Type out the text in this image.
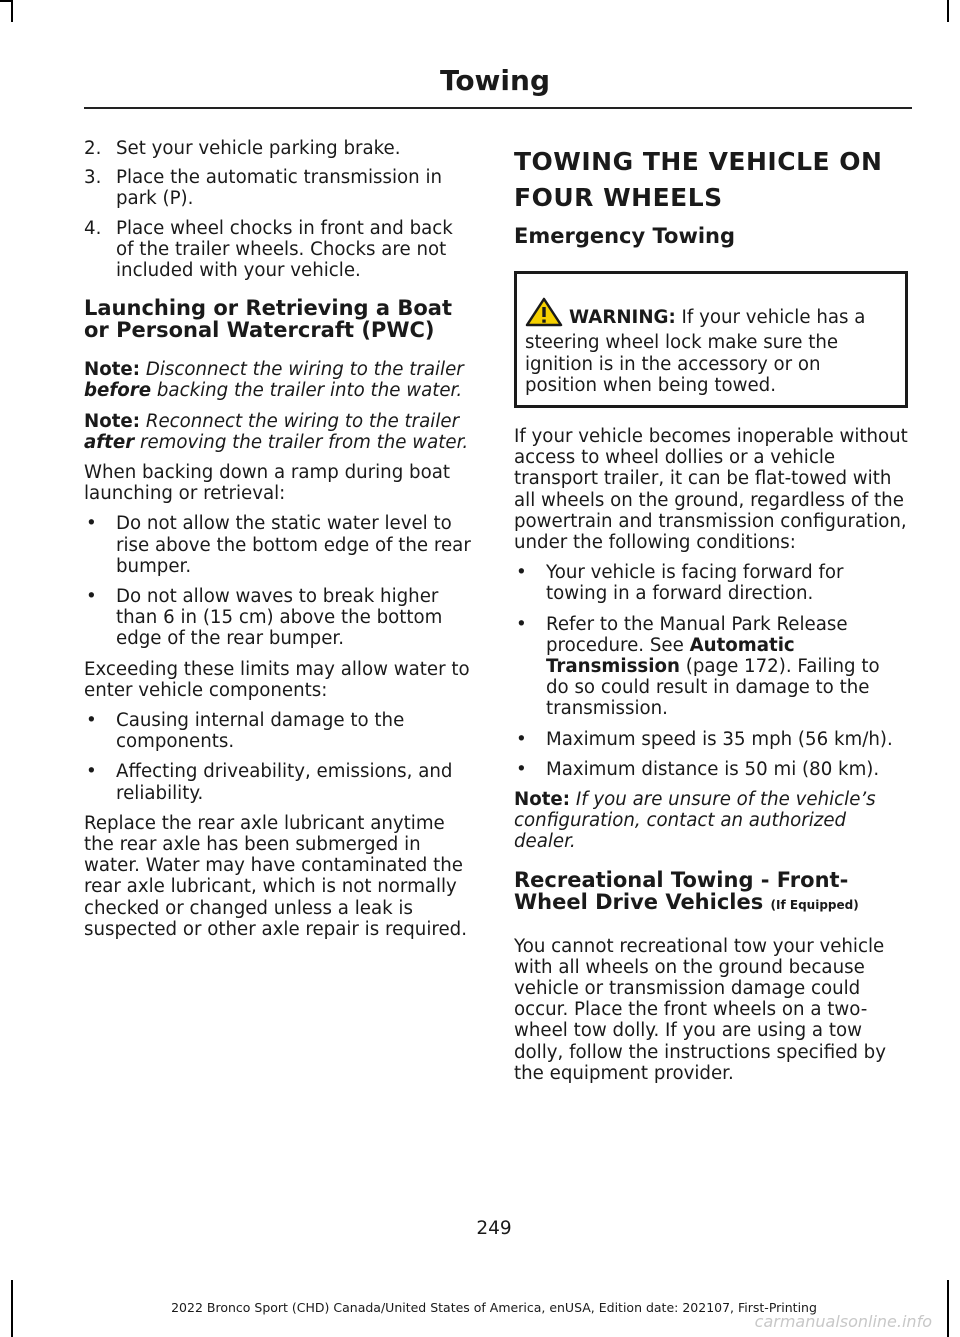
Towing
2. Set your vehicle parking brake.
3. Place the automatic transmission in park (P).
4. Place wheel chocks in front and back of the trailer wheels. Chocks are not included with your vehicle.
Launching or Retrieving a Boat or Personal Watercraft (PWC)

Note: Disconnect the wiring to the trailer before backing the trailer into the water.

Note: Reconnect the wiring to the trailer after removing the trailer from the water.

When backing down a ramp during boat launching or retrieval:

• Do not allow the static water level to rise above the bottom edge of the rear bumper.
• Do not allow waves to break higher than 6 in (15 cm) above the bottom edge of the rear bumper.

Exceeding these limits may allow water to enter vehicle components:

• Causing internal damage to the components.
• Affecting driveability, emissions, and reliability.

Replace the rear axle lubricant anytime the rear axle has been submerged in water. Water may have contaminated the rear axle lubricant, which is not normally checked or changed unless a leak is suspected or other axle repair is required.

TOWING THE VEHICLE ON
FOUR WHEELS
Emergency Towing
WARNING: If your vehicle has a steering wheel lock make sure the ignition is in the accessory or on position when being towed.

If your vehicle becomes inoperable without access to wheel dollies or a vehicle transport trailer, it can be flat-towed with all wheels on the ground, regardless of the powertrain and transmission configuration, under the following conditions:

• Your vehicle is facing forward for towing in a forward direction.
• Refer to the Manual Park Release procedure. See Automatic Transmission (page 172). Failing to do so could result in damage to the transmission.
• Maximum speed is 35 mph (56 km/h).
• Maximum distance is 50 mi (80 km).

Note: If you are unsure of the vehicle’s configuration, contact an authorized dealer.

Recreational Towing - Front-Wheel Drive Vehicles (If Equipped)

You cannot recreational tow your vehicle with all wheels on the ground because vehicle or transmission damage could occur. Place the front wheels on a two-wheel tow dolly. If you are using a tow dolly, follow the instructions specified by the equipment provider.

249
2022 Bronco Sport (CHD) Canada/United States of America, enUSA, Edition date: 202107, First-Printing
carmanualsonline.info
